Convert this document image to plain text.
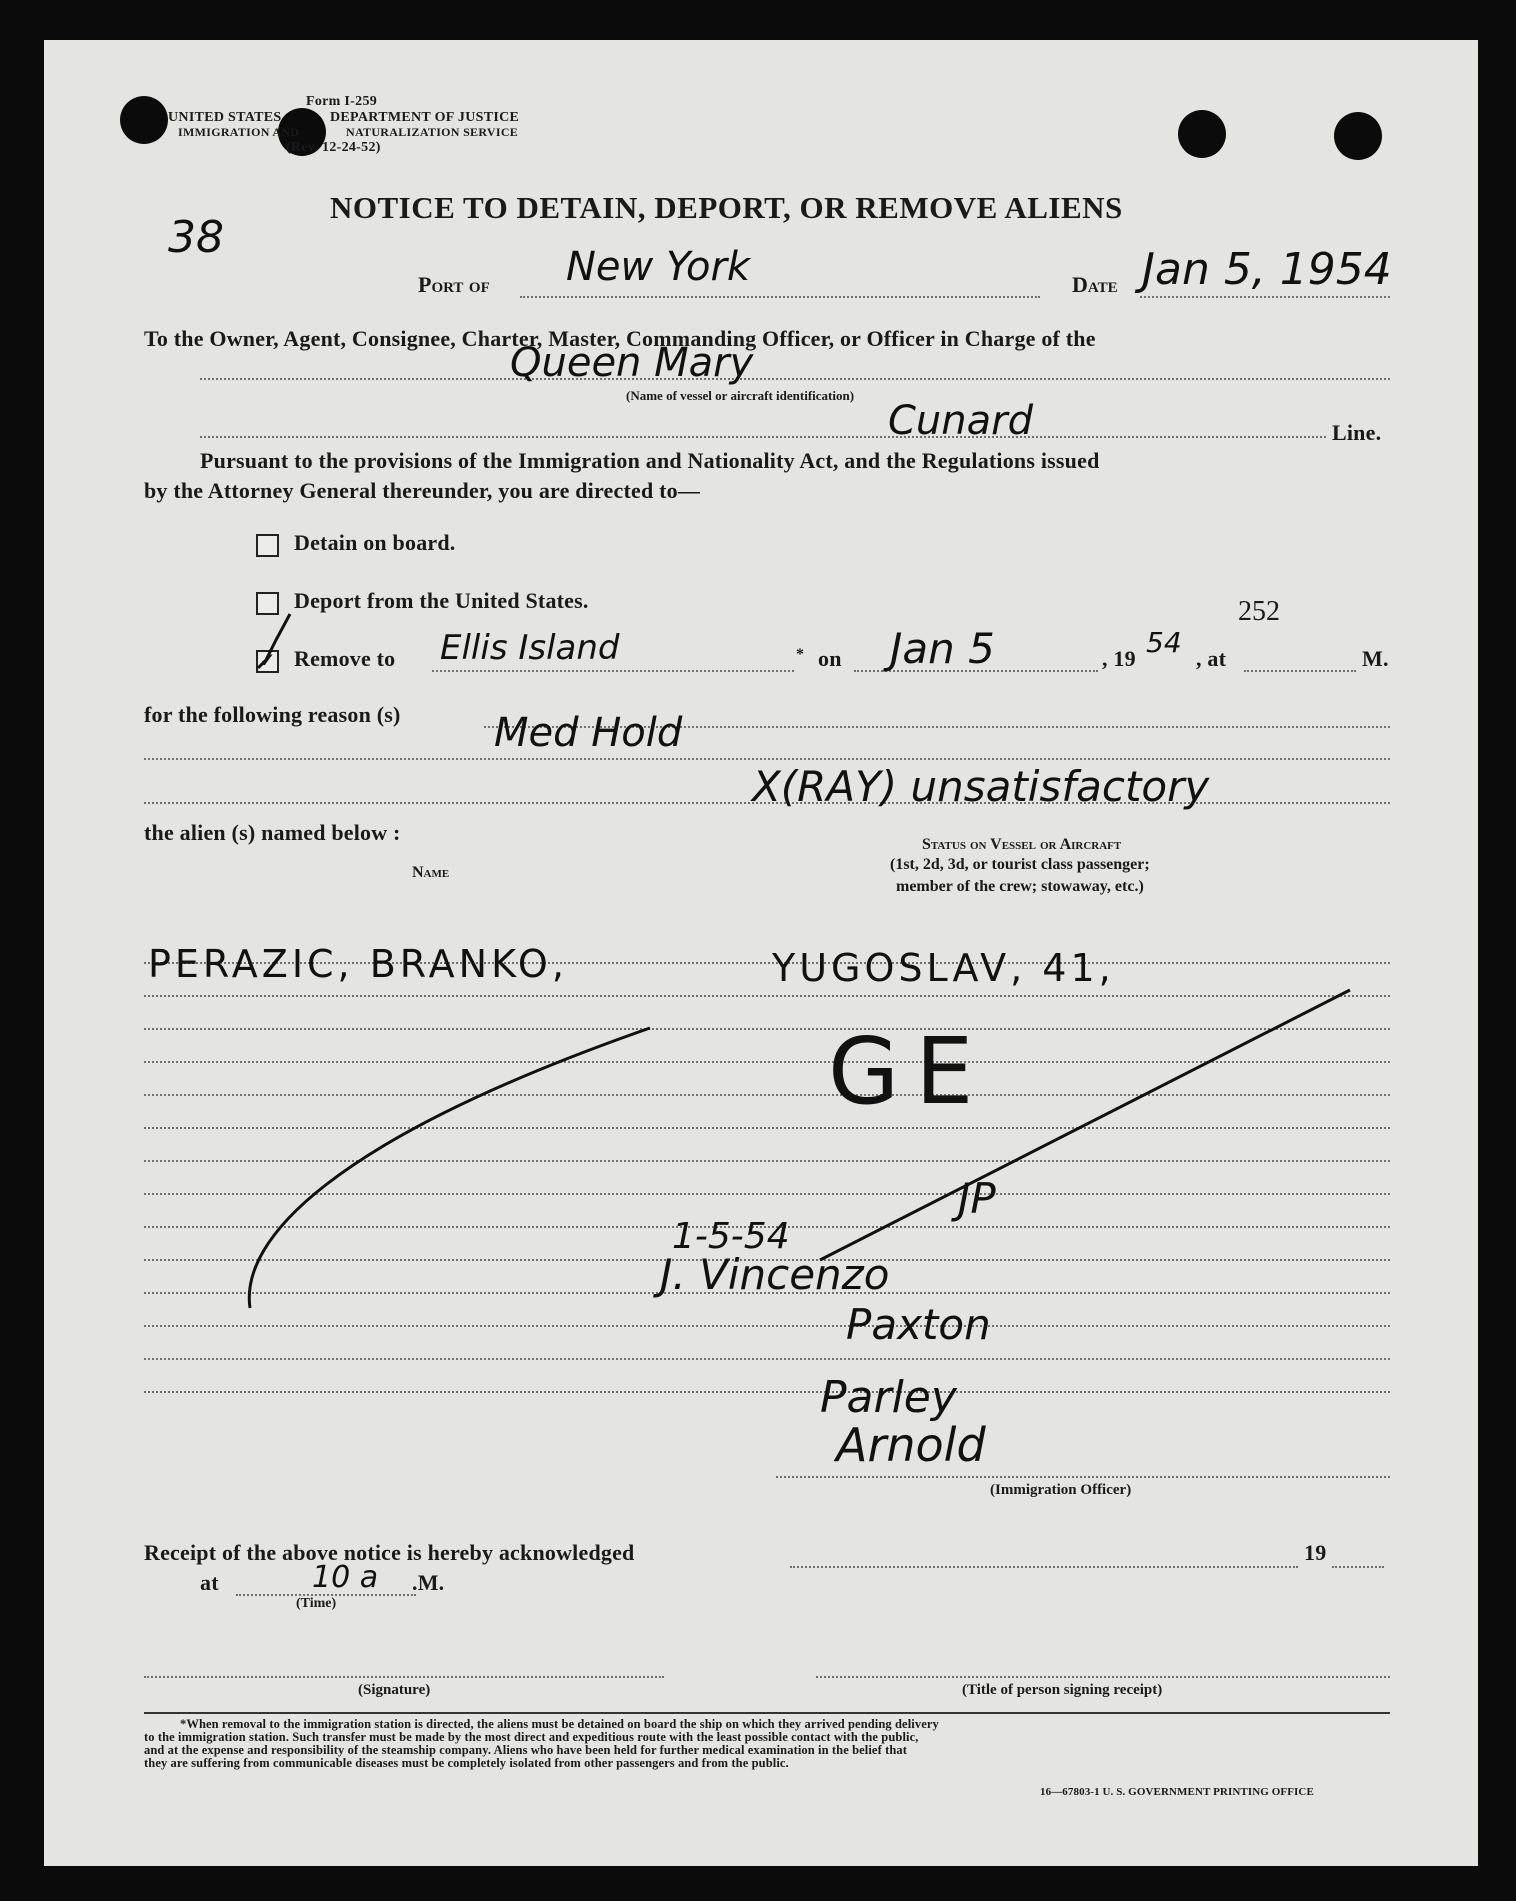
Form I-259
UNITED STATES	DEPARTMENT OF JUSTICE
IMMIGRATION AND	NATURALIZATION SERVICE
(Rev. 12-24-52)
NOTICE TO DETAIN, DEPORT, OR REMOVE ALIENS
38
Port of New York	Date Jan 5, 1954
To the Owner, Agent, Consignee, Charter, Master, Commanding Officer, or Officer in Charge of the
Queen Mary
(Name of vessel or aircraft identification)
Cunard	Line.
Pursuant to the provisions of the Immigration and Nationality Act, and the Regulations issued
by the Attorney General thereunder, you are directed to—
Detain on board.
Deport from the United States.
✓ Remove to Ellis Island	* on Jan 5	, 19 54 , at
252
M.
for the following reason (s) Med Hold
X(RAY) unsatisfactory
the alien (s) named below :	Status on Vessel or Aircraft
Name	(1st, 2d, 3d, or tourist class passenger;
member of the crew; stowaway, etc.)
PERAZIC, BRANKO,	YUGOSLAV, 41,
GE
1-5-54
JP
J. Vincenzo
Paxton
Parley
Arnold
(Immigration Officer)
Receipt of the above notice is hereby acknowledged	19
at	10 a .M.
(Time)
(Signature)	(Title of person signing receipt)
*When removal to the immigration station is directed, the aliens must be detained on board the ship on which they arrived pending delivery
to the immigration station. Such transfer must be made by the most direct and expeditious route with the least possible contact with the public,
and at the expense and responsibility of the steamship company. Aliens who have been held for further medical examination in the belief that
they are suffering from communicable diseases must be completely isolated from other passengers and from the public.
16—67803-1 U. S. GOVERNMENT PRINTING OFFICE
